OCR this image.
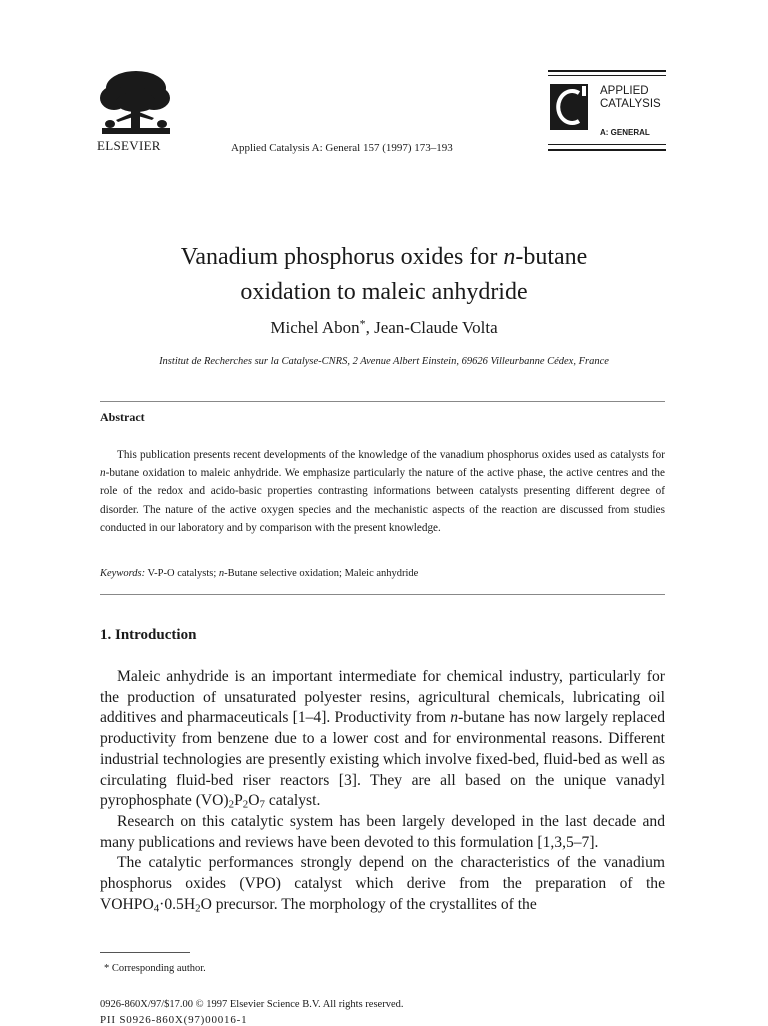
ELSEVIER	Applied Catalysis A: General 157 (1997) 173–193
APPLIED
CATALYSIS
A: GENERAL
Vanadium phosphorus oxides for n-butane
oxidation to maleic anhydride
Michel Abon*, Jean-Claude Volta
Institut de Recherches sur la Catalyse-CNRS, 2 Avenue Albert Einstein, 69626 Villeurbanne Cédex, France
Abstract

This publication presents recent developments of the knowledge of the vanadium phosphorus oxides used as catalysts for n-butane oxidation to maleic anhydride. We emphasize particularly the nature of the active phase, the active centres and the role of the redox and acido-basic properties contrasting informations between catalysts presenting different degree of disorder. The nature of the active oxygen species and the mechanistic aspects of the reaction are discussed from studies conducted in our laboratory and by comparison with the present knowledge.

Keywords: V-P-O catalysts; n-Butane selective oxidation; Maleic anhydride
1. Introduction

Maleic anhydride is an important intermediate for chemical industry, particularly for the production of unsaturated polyester resins, agricultural chemicals, lubricating oil additives and pharmaceuticals [1–4]. Productivity from n-butane has now largely replaced productivity from benzene due to a lower cost and for environmental reasons. Different industrial technologies are presently existing which involve fixed-bed, fluid-bed as well as circulating fluid-bed riser reactors [3]. They are all based on the unique vanadyl pyrophosphate $(VO)_2P_2O_7$ catalyst.

Research on this catalytic system has been largely developed in the last decade and many publications and reviews have been devoted to this formulation [1,3,5–7].

The catalytic performances strongly depend on the characteristics of the vanadium phosphorus oxides (VPO) catalyst which derive from the preparation of the $VOHPO_4\cdot 0.5H_2O$ precursor. The morphology of the crystallites of the

* Corresponding author.
0926-860X/97/$17.00 © 1997 Elsevier Science B.V. All rights reserved.
PII S0926-860X(97)00016-1
